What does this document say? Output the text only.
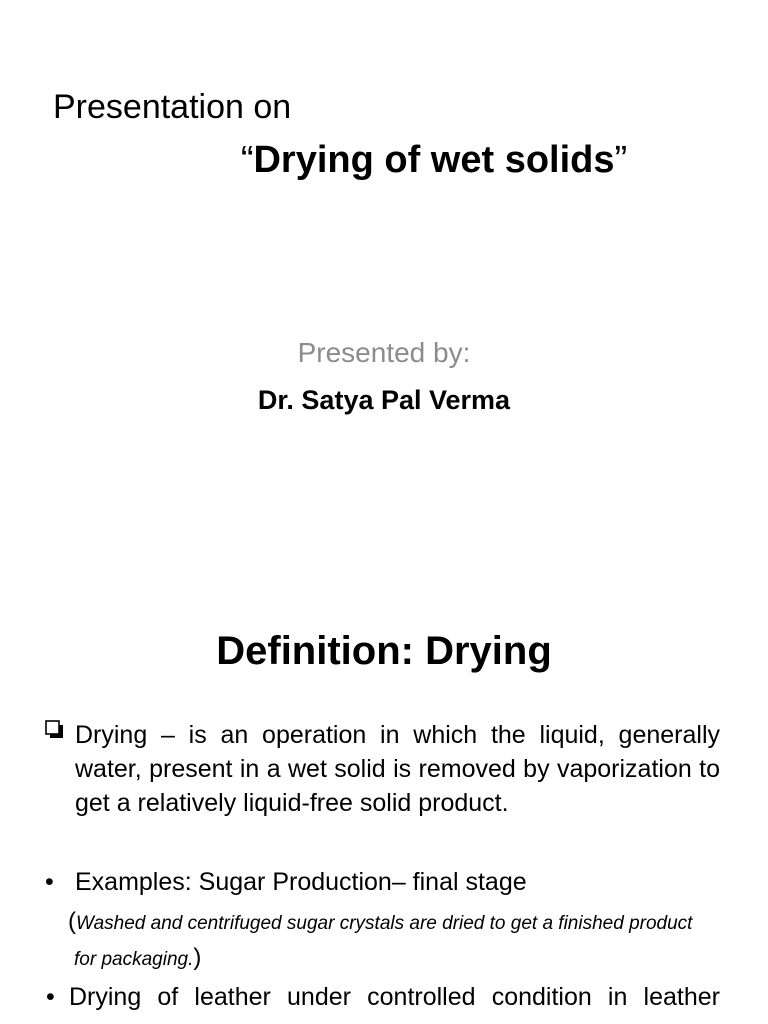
Presentation on
“Drying of wet solids”
Presented by:
Dr. Satya Pal Verma
Definition: Drying
Drying – is an operation in which the liquid, generally water, present in a wet solid is removed by vaporization to get a relatively liquid-free solid product.
• Examples: Sugar Production– final stage
(Washed and centrifuged sugar crystals are dried to get a finished product
for packaging.)
• Drying of leather under controlled condition in leather
